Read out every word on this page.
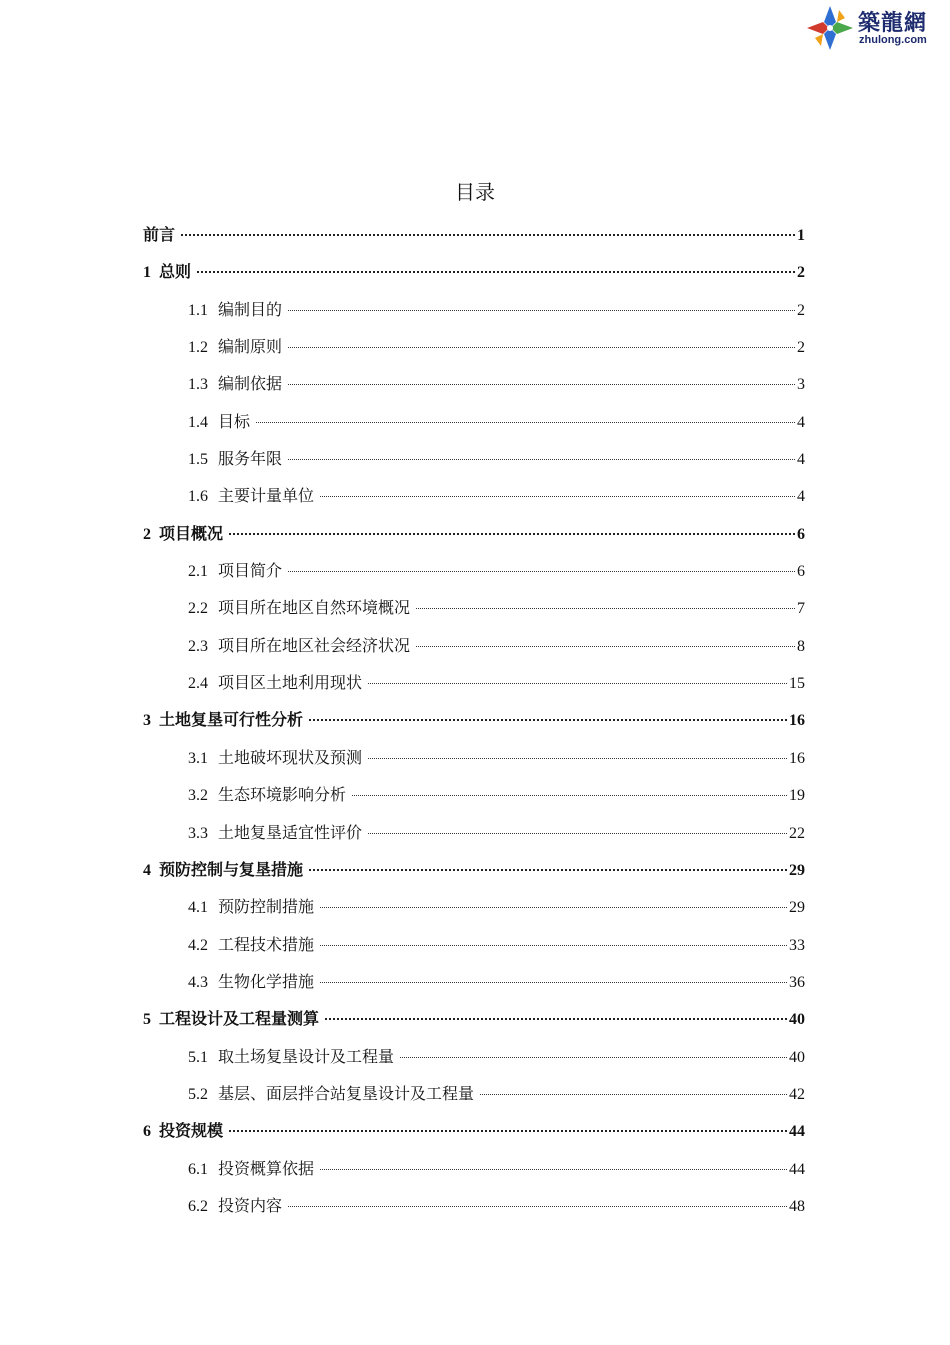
築龍網
zhulong.com
目录
前言	1
1 总则	2
1.1 编制目的	2
1.2 编制原则	2
1.3 编制依据	3
1.4 目标	4
1.5 服务年限	4
1.6 主要计量单位	4
2 项目概况	6
2.1 项目简介	6
2.2 项目所在地区自然环境概况	7
2.3 项目所在地区社会经济状况	8
2.4 项目区土地利用现状	15
3 土地复垦可行性分析	16
3.1 土地破坏现状及预测	16
3.2 生态环境影响分析	19
3.3 土地复垦适宜性评价	22
4 预防控制与复垦措施	29
4.1 预防控制措施	29
4.2 工程技术措施	33
4.3 生物化学措施	36
5 工程设计及工程量测算	40
5.1 取土场复垦设计及工程量	40
5.2 基层、面层拌合站复垦设计及工程量	42
6 投资规模	44
6.1 投资概算依据	44
6.2 投资内容	48
